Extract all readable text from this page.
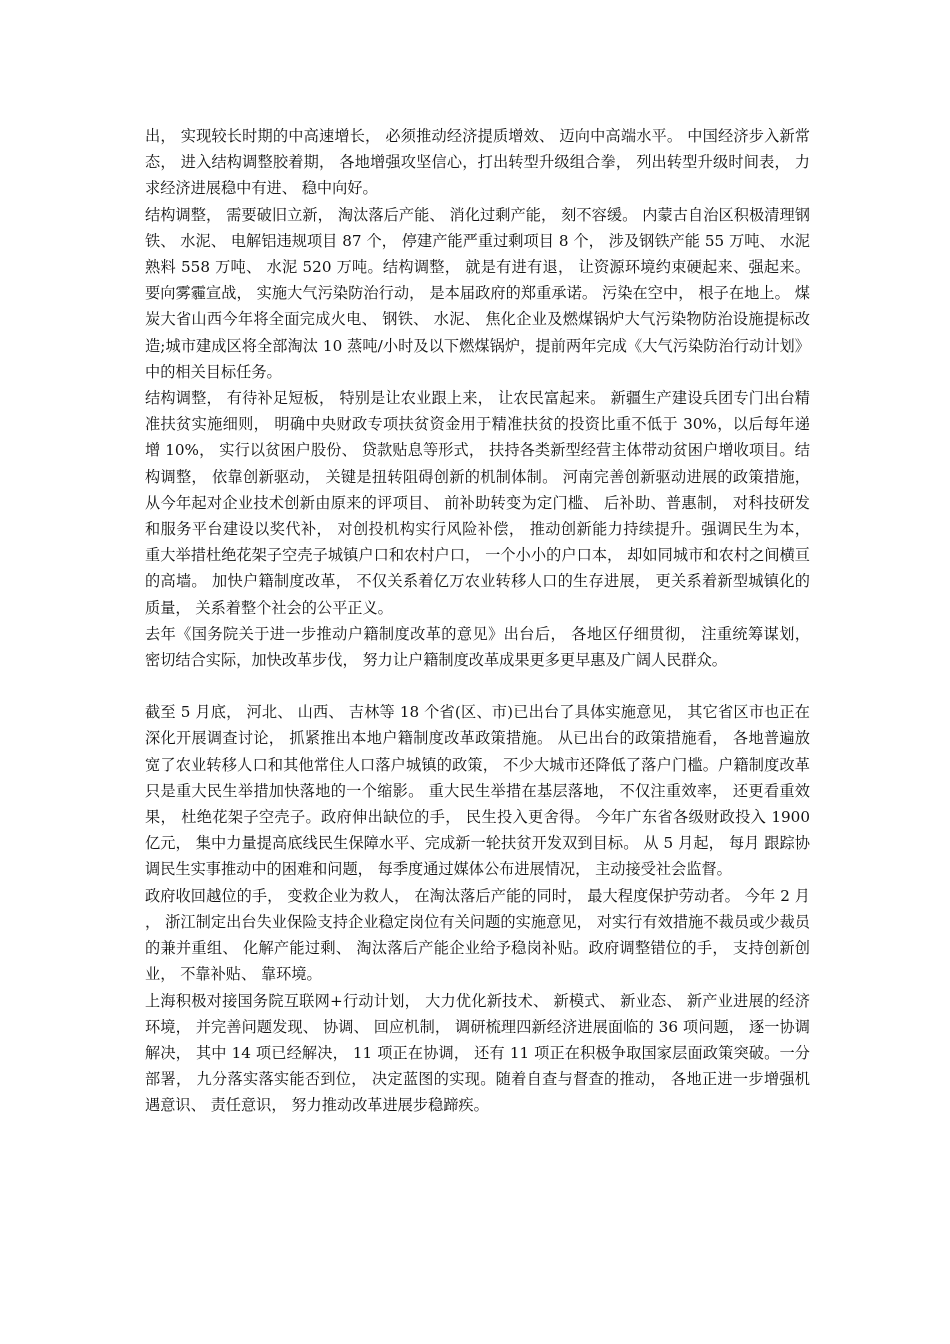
出， 实现较长时期的中高速增长， 必须推动经济提质增效、 迈向中高端水平。 中国经济步入新常态， 进入结构调整胶着期， 各地增强攻坚信心，打出转型升级组合拳， 列出转型升级时间表， 力求经济进展稳中有进、 稳中向好。

结构调整， 需要破旧立新， 淘汰落后产能、 消化过剩产能， 刻不容缓。 内蒙古自治区积极清理钢铁、 水泥、 电解铝违规项目 87 个， 停建产能严重过剩项目 8 个， 涉及钢铁产能 55 万吨、 水泥熟料 558 万吨、 水泥 520 万吨。结构调整， 就是有进有退， 让资源环境约束硬起来、强起来。 要向雾霾宣战， 实施大气污染防治行动， 是本届政府的郑重承诺。 污染在空中， 根子在地上。 煤炭大省山西今年将全面完成火电、 钢铁、 水泥、 焦化企业及燃煤锅炉大气污染物防治设施提标改造;城市建成区将全部淘汰 10 蒸吨/小时及以下燃煤锅炉，提前两年完成《大气污染防治行动计划》中的相关目标任务。

结构调整， 有待补足短板， 特别是让农业跟上来， 让农民富起来。 新疆生产建设兵团专门出台精准扶贫实施细则， 明确中央财政专项扶贫资金用于精准扶贫的投资比重不低于 30%，以后每年递增 10%， 实行以贫困户股份、 贷款贴息等形式， 扶持各类新型经营主体带动贫困户增收项目。结构调整， 依靠创新驱动， 关键是扭转阻碍创新的机制体制。 河南完善创新驱动进展的政策措施， 从今年起对企业技术创新由原来的评项目、 前补助转变为定门槛、 后补助、普惠制， 对科技研发和服务平台建设以奖代补， 对创投机构实行风险补偿， 推动创新能力持续提升。强调民生为本， 重大举措杜绝花架子空壳子城镇户口和农村户口， 一个小小的户口本， 却如同城市和农村之间横亘的高墙。 加快户籍制度改革， 不仅关系着亿万农业转移人口的生存进展， 更关系着新型城镇化的质量， 关系着整个社会的公平正义。

去年《国务院关于进一步推动户籍制度改革的意见》出台后， 各地区仔细贯彻， 注重统筹谋划， 密切结合实际，加快改革步伐， 努力让户籍制度改革成果更多更早惠及广阔人民群众。

截至 5 月底， 河北、 山西、 吉林等 18 个省(区、市)已出台了具体实施意见， 其它省区市也正在深化开展调查讨论， 抓紧推出本地户籍制度改革政策措施。 从已出台的政策措施看， 各地普遍放宽了农业转移人口和其他常住人口落户城镇的政策， 不少大城市还降低了落户门槛。户籍制度改革只是重大民生举措加快落地的一个缩影。 重大民生举措在基层落地， 不仅注重效率， 还更看重效果， 杜绝花架子空壳子。政府伸出缺位的手， 民生投入更舍得。 今年广东省各级财政投入 1900 亿元， 集中力量提高底线民生保障水平、完成新一轮扶贫开发双到目标。 从 5 月起， 每月 跟踪协调民生实事推动中的困难和问题， 每季度通过媒体公布进展情况， 主动接受社会监督。

政府收回越位的手， 变救企业为救人， 在淘汰落后产能的同时， 最大程度保护劳动者。 今年 2 月 ， 浙江制定出台失业保险支持企业稳定岗位有关问题的实施意见， 对实行有效措施不裁员或少裁员的兼并重组、 化解产能过剩、 淘汰落后产能企业给予稳岗补贴。政府调整错位的手， 支持创新创业， 不靠补贴、 靠环境。

上海积极对接国务院互联网+行动计划， 大力优化新技术、 新模式、 新业态、 新产业进展的经济环境， 并完善问题发现、 协调、 回应机制， 调研梳理四新经济进展面临的 36 项问题， 逐一协调解决， 其中 14 项已经解决， 11 项正在协调， 还有 11 项正在积极争取国家层面政策突破。一分部署， 九分落实落实能否到位， 决定蓝图的实现。随着自查与督查的推动， 各地正进一步增强机遇意识、 责任意识， 努力推动改革进展步稳蹄疾。
